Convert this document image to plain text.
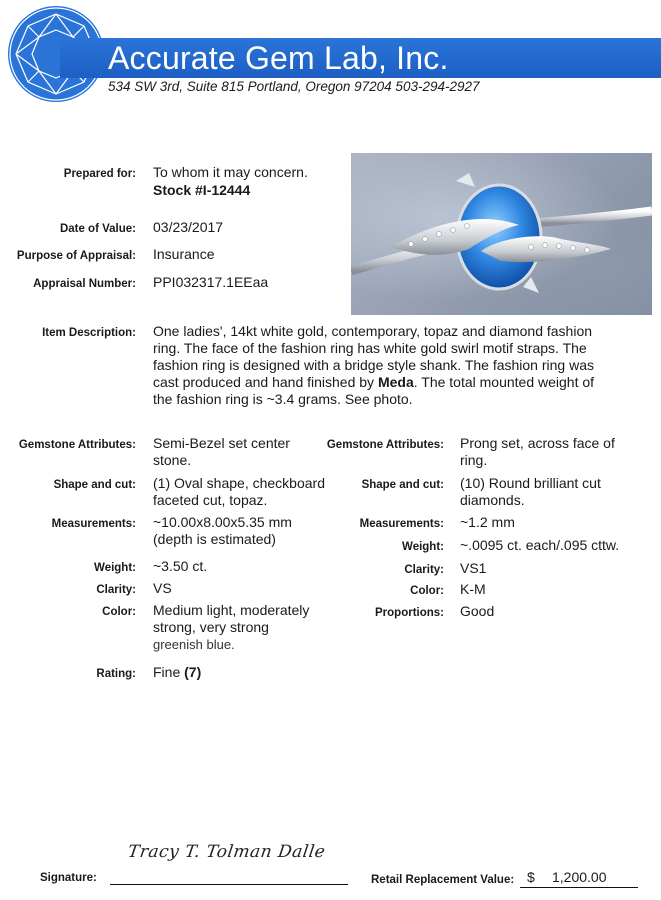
Accurate Gem Lab, Inc.
534 SW 3rd, Suite 815 Portland, Oregon 97204 503-294-2927
Prepared for: To whom it may concern.
Stock #I-12444
Date of Value: 03/23/2017
Purpose of Appraisal: Insurance
Appraisal Number: PPI032317.1EEaa
Item Description: One ladies', 14kt white gold, contemporary, topaz and diamond fashion
ring. The face of the fashion ring has white gold swirl motif straps. The
fashion ring is designed with a bridge style shank. The fashion ring was
cast produced and hand finished by Meda. The total mounted weight of
the fashion ring is ~3.4 grams. See photo.
Gemstone Attributes: Semi-Bezel set center
stone.
Shape and cut: (1) Oval shape, checkboard
faceted cut, topaz.
Measurements: ~10.00x8.00x5.35 mm
(depth is estimated)
Weight: ~3.50 ct.
Clarity: VS
Color: Medium light, moderately
strong, very strong
greenish blue.
Rating: Fine (7)
Gemstone Attributes: Prong set, across face of
ring.
Shape and cut: (10) Round brilliant cut
diamonds.
Measurements: ~1.2 mm
Weight: ~.0095 ct. each/.095 cttw.
Clarity: VS1
Color: K-M
Proportions: Good
Signature:
Tracy T. Tolman Dalle
Retail Replacement Value: $ 1,200.00
